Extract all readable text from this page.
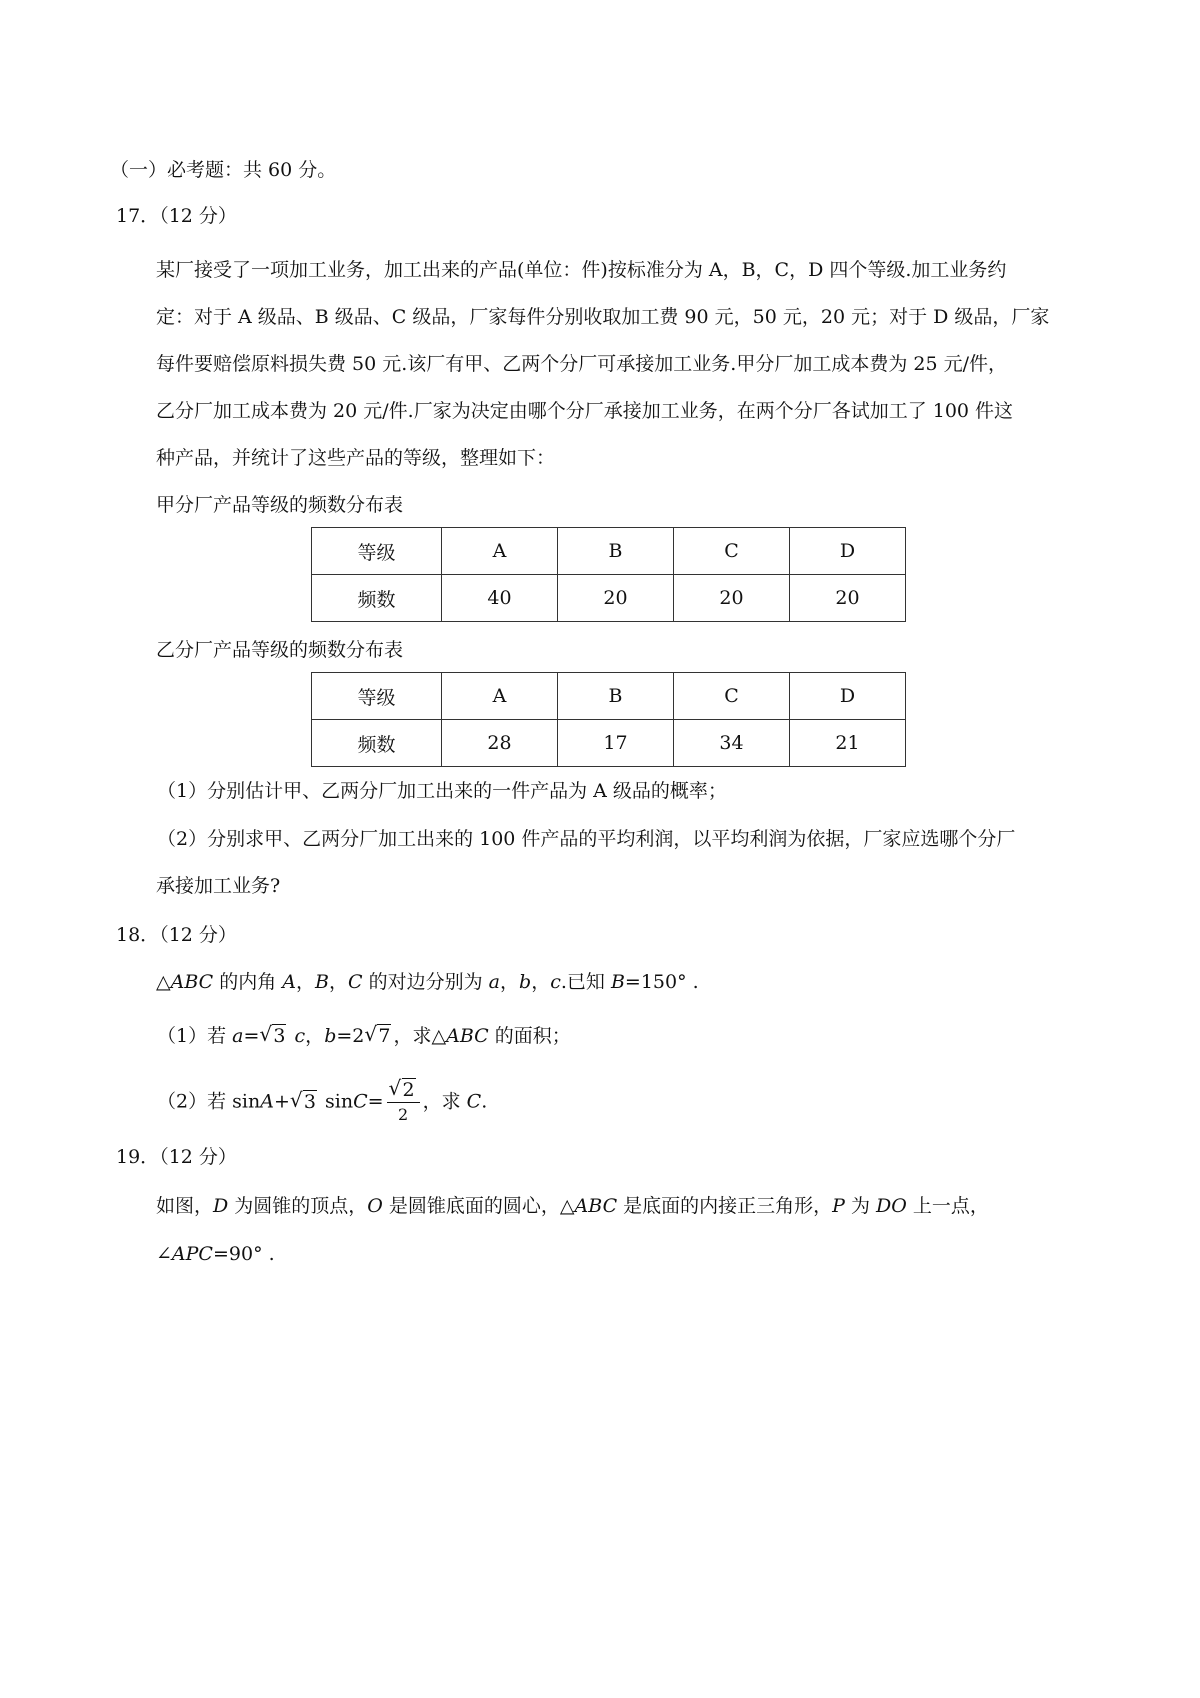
（一）必考题：共 60 分。
17．（12 分）

某厂接受了一项加工业务，加工出来的产品(单位：件)按标准分为 A，B，C，D 四个等级.加工业务约

定：对于 A 级品、B 级品、C 级品，厂家每件分别收取加工费 90 元，50 元，20 元；对于 D 级品，厂家

每件要赔偿原料损失费 50 元.该厂有甲、乙两个分厂可承接加工业务.甲分厂加工成本费为 25 元/件，

乙分厂加工成本费为 20 元/件.厂家为决定由哪个分厂承接加工业务，在两个分厂各试加工了 100 件这

种产品，并统计了这些产品的等级，整理如下：

甲分厂产品等级的频数分布表
等级	A	B	C	D
频数	40	20	20	20
乙分厂产品等级的频数分布表
等级	A	B	C	D
频数	28	17	34	21
（1）分别估计甲、乙两分厂加工出来的一件产品为 A 级品的概率；
（2）分别求甲、乙两分厂加工出来的 100 件产品的平均利润，以平均利润为依据，厂家应选哪个分厂
承接加工业务?
18．（12 分）
△ABC 的内角 A，B，C 的对边分别为 a，b，c.已知 B=150° .
（1）若 a= √ 3 c，b=2 √ 7 ，求△ABC 的面积；
（2）若 sinA+ √ 3 $\sin C= \frac{√ 2}{2}$ ，求 C.
19．（12 分）
如图，D 为圆锥的顶点，O 是圆锥底面的圆心，△ABC 是底面的内接正三角形，P 为 DO 上一点，
∠APC=90° .
